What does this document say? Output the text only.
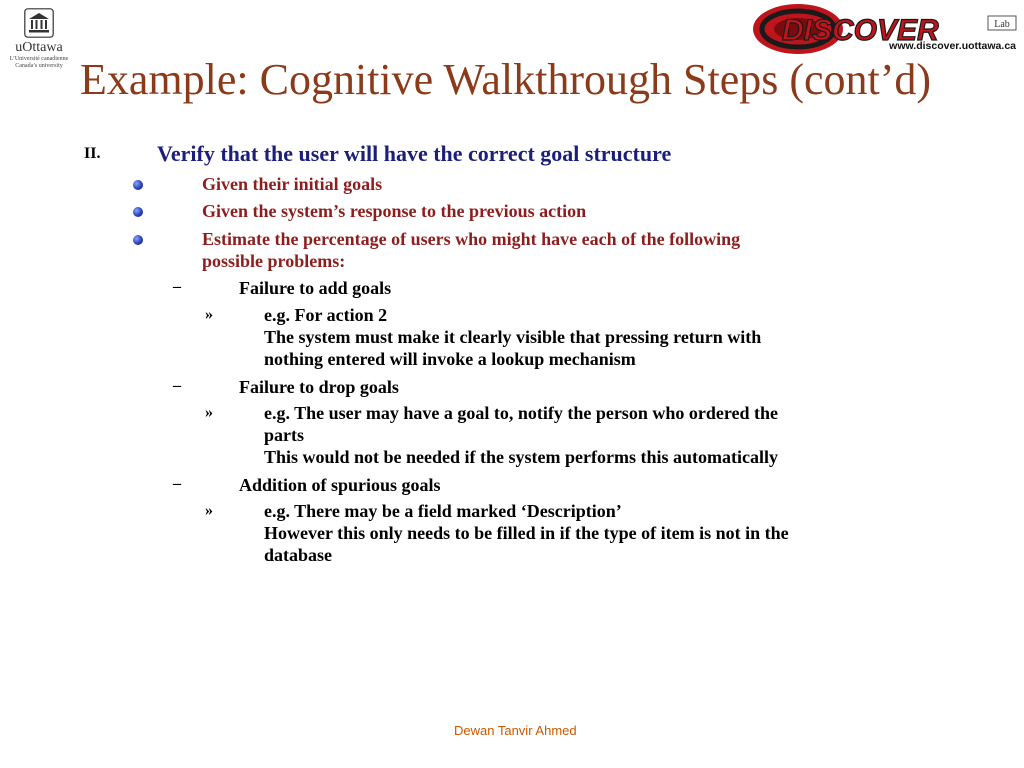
uOttawa
L’Université canadienne
Canada’s university
DISCOVER	Lab
www.discover.uottawa.ca
Example: Cognitive Walkthrough Steps (cont’d)
II.	Verify that the user will have the correct goal structure
Given their initial goals
Given the system’s response to the previous action
Estimate the percentage of users who might have each of the following
possible problems:
–	Failure to add goals
»	e.g. For action 2
The system must make it clearly visible that pressing return with
nothing entered will invoke a lookup mechanism
–	Failure to drop goals
»	e.g. The user may have a goal to, notify the person who ordered the
parts
This would not be needed if the system performs this automatically
–	Addition of spurious goals
»	e.g. There may be a field marked ‘Description’
However this only needs to be filled in if the type of item is not in the
database
Dewan Tanvir Ahmed
